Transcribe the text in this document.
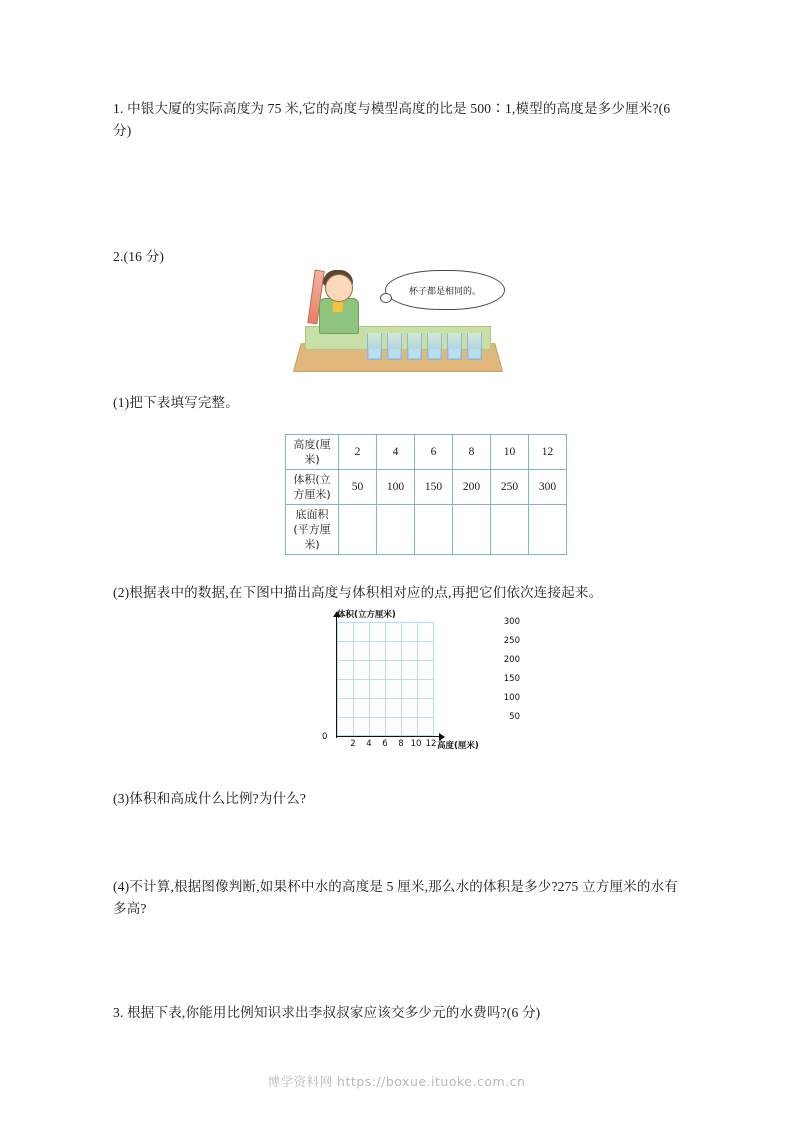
1. 中银大厦的实际高度为 75 米,它的高度与模型高度的比是 500∶1,模型的高度是多少厘米?(6 分)
2.(16 分)
杯子都是相同的。
(1)把下表填写完整。
高度(厘米)	2	4	6	8	10	12
体积(立方厘米)	50	100	150	200	250	300
底面积(平方厘米)						
(2)根据表中的数据,在下图中描出高度与体积相对应的点,再把它们依次连接起来。
体积(立方厘米)
高度(厘米)
300
250
200
150
100
50
0
2	4	6	8 10 12
(3)体积和高成什么比例?为什么?
(4)不计算,根据图像判断,如果杯中水的高度是 5 厘米,那么水的体积是多少?275 立方厘米的水有多高?
3. 根据下表,你能用比例知识求出李叔叔家应该交多少元的水费吗?(6 分)
博学资料网 https://boxue.ituoke.com.cn
